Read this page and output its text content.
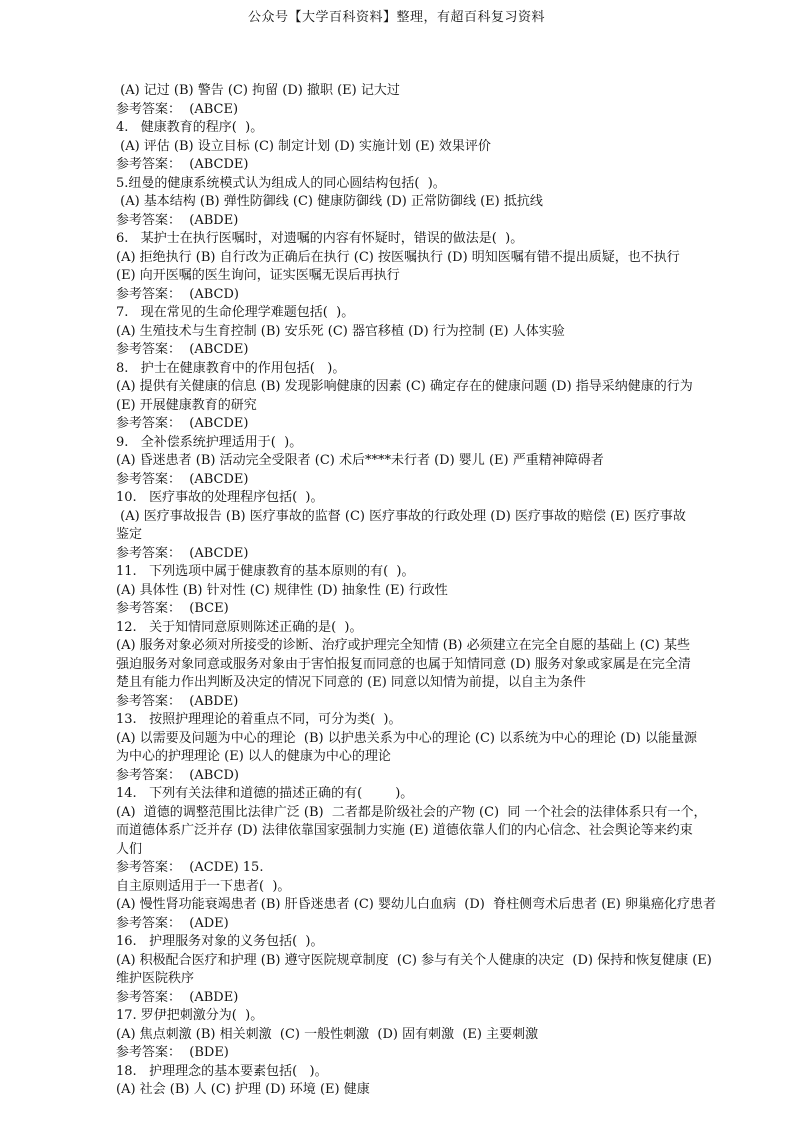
公众号【大学百科资料】整理，有超百科复习资料
(A) 记过 (B) 警告 (C) 拘留 (D) 撤职 (E) 记大过
参考答案：  (ABCE)
4.   健康教育的程序(  )。
(A) 评估 (B) 设立目标 (C) 制定计划 (D) 实施计划 (E) 效果评价
参考答案：  (ABCDE)
5.纽曼的健康系统模式认为组成人的同心圆结构包括(  )。
(A) 基本结构 (B) 弹性防御线 (C) 健康防御线 (D) 正常防御线 (E) 抵抗线
参考答案：  (ABDE)
6.   某护士在执行医嘱时，对遗嘱的内容有怀疑时，错误的做法是(  )。
(A) 拒绝执行 (B) 自行改为正确后在执行 (C) 按医嘱执行 (D) 明知医嘱有错不提出质疑，也不执行
(E) 向开医嘱的医生询问，证实医嘱无误后再执行
参考答案：  (ABCD)
7.   现在常见的生命伦理学难题包括(  )。
(A) 生殖技术与生育控制 (B) 安乐死 (C) 器官移植 (D) 行为控制 (E) 人体实验
参考答案：  (ABCDE)
8.   护士在健康教育中的作用包括(   )。
(A) 提供有关健康的信息 (B) 发现影响健康的因素 (C) 确定存在的健康问题 (D) 指导采纳健康的行为
(E) 开展健康教育的研究
参考答案：  (ABCDE)
9.   全补偿系统护理适用于(  )。
(A) 昏迷患者 (B) 活动完全受限者 (C) 术后****未行者 (D) 婴儿 (E) 严重精神障碍者
参考答案：  (ABCDE)
10.   医疗事故的处理程序包括(  )。
(A) 医疗事故报告 (B) 医疗事故的监督 (C) 医疗事故的行政处理 (D) 医疗事故的赔偿 (E) 医疗事故
鉴定
参考答案：  (ABCDE)
11.   下列选项中属于健康教育的基本原则的有(  )。
(A) 具体性 (B) 针对性 (C) 规律性 (D) 抽象性 (E) 行政性
参考答案：  (BCE)
12.   关于知情同意原则陈述正确的是(  )。
(A) 服务对象必须对所接受的诊断、治疗或护理完全知情 (B) 必须建立在完全自愿的基础上 (C) 某些
强迫服务对象同意或服务对象由于害怕报复而同意的也属于知情同意 (D) 服务对象或家属是在完全清
楚且有能力作出判断及决定的情况下同意的 (E) 同意以知情为前提，以自主为条件
参考答案：  (ABDE)
13.   按照护理理论的着重点不同，可分为类(  )。
(A) 以需要及问题为中心的理论  (B) 以护患关系为中心的理论 (C) 以系统为中心的理论 (D) 以能量源
为中心的护理理论 (E) 以人的健康为中心的理论
参考答案：  (ABCD)
14.   下列有关法律和道德的描述正确的有(        )。
(A)  道德的调整范围比法律广泛 (B)  二者都是阶级社会的产物 (C)  同 一个社会的法律体系只有一个，
而道德体系广泛并存 (D) 法律依靠国家强制力实施 (E) 道德依靠人们的内心信念、社会舆论等来约束
人们
参考答案：  (ACDE) 15.
自主原则适用于一下患者(  )。
(A) 慢性肾功能衰竭患者 (B) 肝昏迷患者 (C) 婴幼儿白血病  (D)  脊柱侧弯术后患者 (E) 卵巢癌化疗患者
参考答案：  (ADE)
16.   护理服务对象的义务包括(  )。
(A) 积极配合医疗和护理 (B) 遵守医院规章制度  (C) 参与有关个人健康的决定  (D) 保持和恢复健康 (E)
维护医院秩序
参考答案：  (ABDE)
17. 罗伊把刺激分为(  )。
(A) 焦点刺激 (B) 相关刺激  (C) 一般性刺激  (D) 固有刺激  (E) 主要刺激
参考答案：  (BDE)
18.   护理理念的基本要素包括(   )。
(A) 社会 (B) 人 (C) 护理 (D) 环境 (E) 健康
